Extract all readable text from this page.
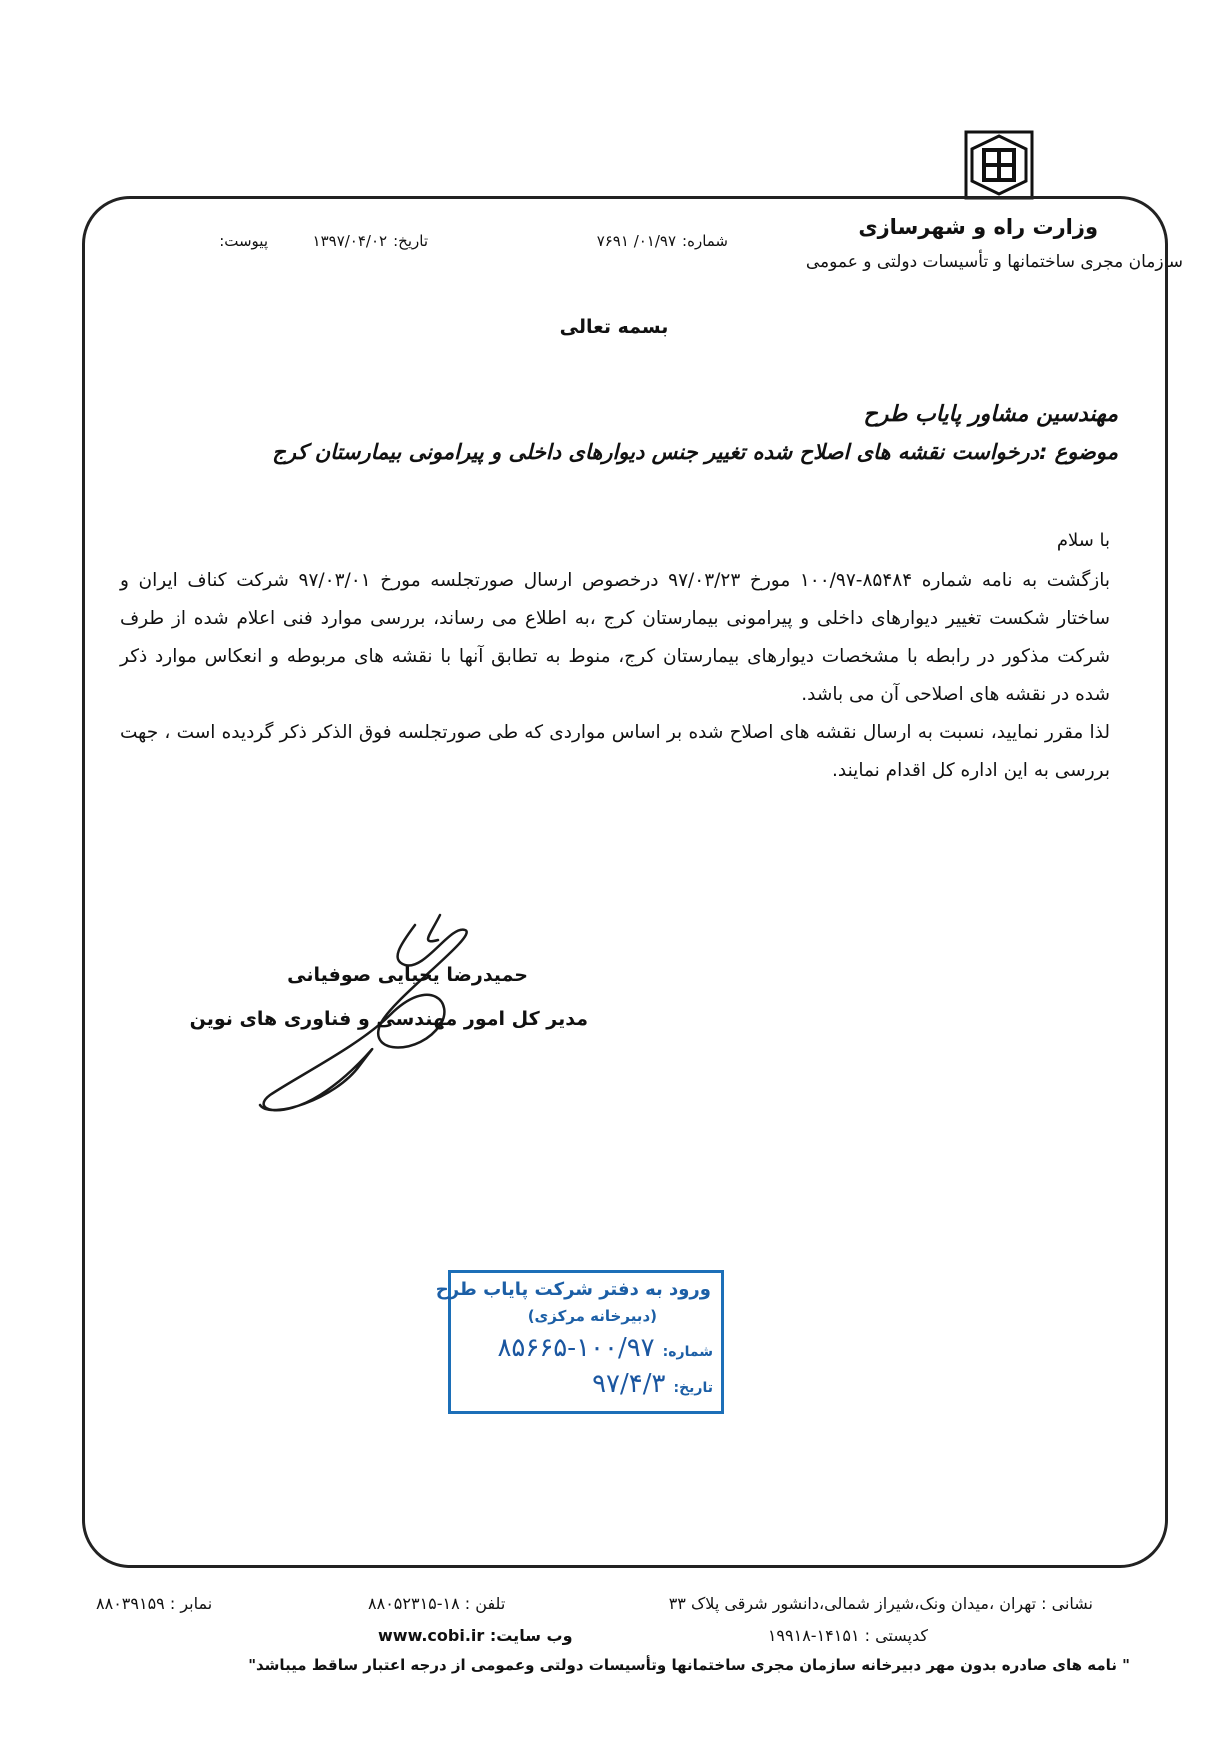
وزارت راه و شهرسازی
سازمان مجری ساختمانها و تأسیسات دولتی و عمومی
شماره:۰۱/۹۷/ ۷۶۹۱
تاریخ:۱۳۹۷/۰۴/۰۲
پیوست:
بسمه تعالی
مهندسین مشاور پایاب طرح
موضوع :درخواست نقشه های اصلاح شده تغییر جنس دیوارهای داخلی و پیرامونی بیمارستان کرج
با سلام

بازگشت به نامه شماره ۸۵۴۸۴-۱۰۰/۹۷ مورخ ۹۷/۰۳/۲۳ درخصوص ارسال صورتجلسه مورخ ۹۷/۰۳/۰۱ شرکت کناف ایران و ساختار شکست تغییر دیوارهای داخلی و پیرامونی بیمارستان کرج ،به اطلاع می رساند، بررسی موارد فنی اعلام شده از طرف شرکت مذکور در رابطه با مشخصات دیوارهای بیمارستان کرج، منوط به تطابق آنها با نقشه های مربوطه و انعکاس موارد ذکر شده در نقشه های اصلاحی آن می باشد.

لذا مقرر نمایید، نسبت به ارسال نقشه های اصلاح شده بر اساس مواردی که طی صورتجلسه فوق الذکر ذکر گردیده است ، جهت بررسی به این اداره کل اقدام نمایند.

حمیدرضا یحیایی صوفیانی
مدیر کل امور مهندسی و فناوری های نوین
ورود به دفتر شرکت پایاب طرح
(دبیرخانه مرکزی)
شماره:۱۰۰/۹۷-۸۵۶۶۵
تاریخ:۹۷/۴/۳
نشانی : تهران ،میدان ونک،شیراز شمالی،دانشور شرقی پلاک ۳۳
تلفن : ۱۸-۸۸۰۵۲۳۱۵
نمابر : ۸۸۰۳۹۱۵۹
کدپستی : ۱۴۱۵۱-۱۹۹۱۸
وب سایت: www.cobi.ir
" نامه های صادره بدون مهر دبیرخانه سازمان مجری ساختمانها وتأسیسات دولتی وعمومی از درجه اعتبار ساقط میباشد"
